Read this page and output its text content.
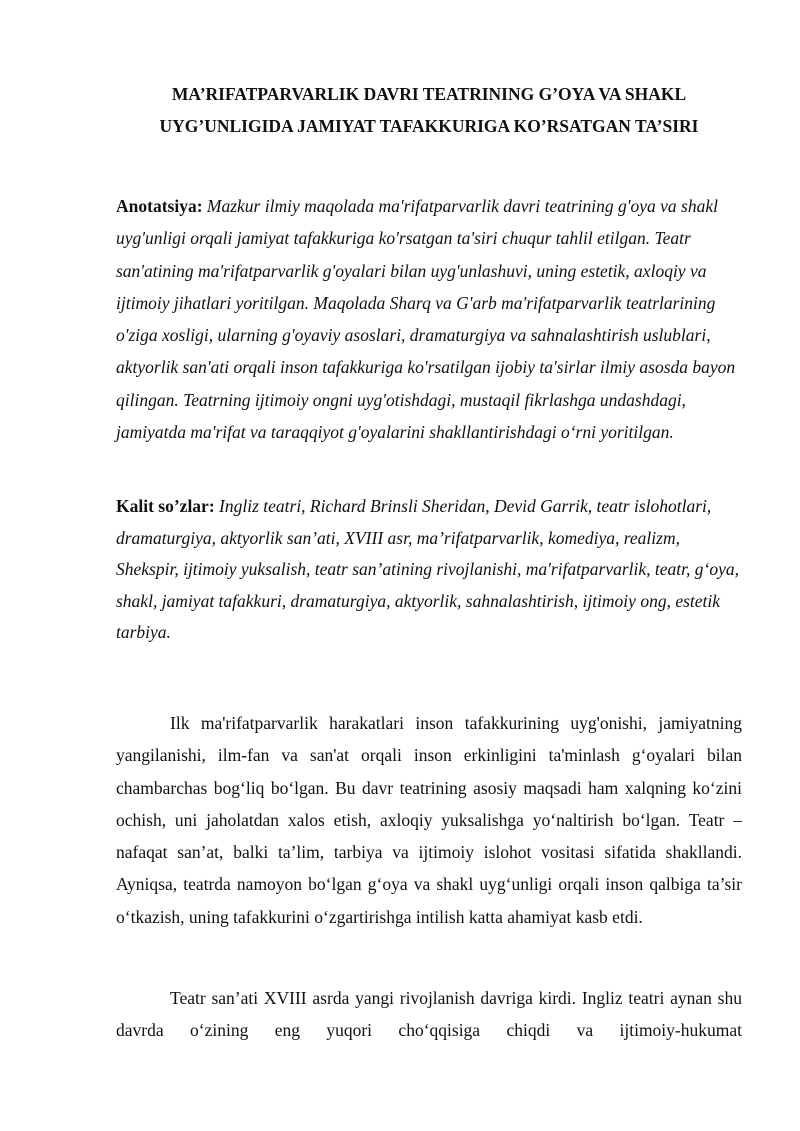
MA’RIFATPARVARLIK DAVRI TEATRINING G’OYA VA SHAKL
UYG’UNLIGIDA JAMIYAT TAFAKKURIGA KO’RSATGAN TA’SIRI

Anotatsiya: Mazkur ilmiy maqolada ma'rifatparvarlik davri teatrining g'oya va shakl uyg'unligi orqali jamiyat tafakkuriga ko'rsatgan ta'siri chuqur tahlil etilgan. Teatr san'atining ma'rifatparvarlik g'oyalari bilan uyg'unlashuvi, uning estetik, axloqiy va ijtimoiy jihatlari yoritilgan. Maqolada Sharq va G'arb ma'rifatparvarlik teatrlarining o'ziga xosligi, ularning g'oyaviy asoslari, dramaturgiya va sahnalashtirish uslublari, aktyorlik san'ati orqali inson tafakkuriga ko'rsatilgan ijobiy ta'sirlar ilmiy asosda bayon qilingan. Teatrning ijtimoiy ongni uyg'otishdagi, mustaqil fikrlashga undashdagi, jamiyatda ma'rifat va taraqqiyot g'oyalarini shakllantirishdagi o‘rni yoritilgan.

Kalit so’zlar: Ingliz teatri, Richard Brinsli Sheridan, Devid Garrik, teatr islohotlari, dramaturgiya, aktyorlik san’ati, XVIII asr, ma’rifatparvarlik, komediya, realizm, Shekspir, ijtimoiy yuksalish, teatr san’atining rivojlanishi, ma'rifatparvarlik, teatr, g‘oya, shakl, jamiyat tafakkuri, dramaturgiya, aktyorlik, sahnalashtirish, ijtimoiy ong, estetik tarbiya.

Ilk ma'rifatparvarlik harakatlari inson tafakkurining uyg'onishi, jamiyatning yangilanishi, ilm-fan va san'at orqali inson erkinligini ta'minlash g‘oyalari bilan chambarchas bog‘liq bo‘lgan. Bu davr teatrining asosiy maqsadi ham xalqning ko‘zini ochish, uni jaholatdan xalos etish, axloqiy yuksalishga yo‘naltirish bo‘lgan. Teatr – nafaqat san’at, balki ta’lim, tarbiya va ijtimoiy islohot vositasi sifatida shakllandi. Ayniqsa, teatrda namoyon bo‘lgan g‘oya va shakl uyg‘unligi orqali inson qalbiga ta’sir o‘tkazish, uning tafakkurini o‘zgartirishga intilish katta ahamiyat kasb etdi.

Teatr san’ati XVIII asrda yangi rivojlanish davriga kirdi. Ingliz teatri aynan shu davrda o‘zining eng yuqori cho‘qqisiga chiqdi va ijtimoiy-hukumat
